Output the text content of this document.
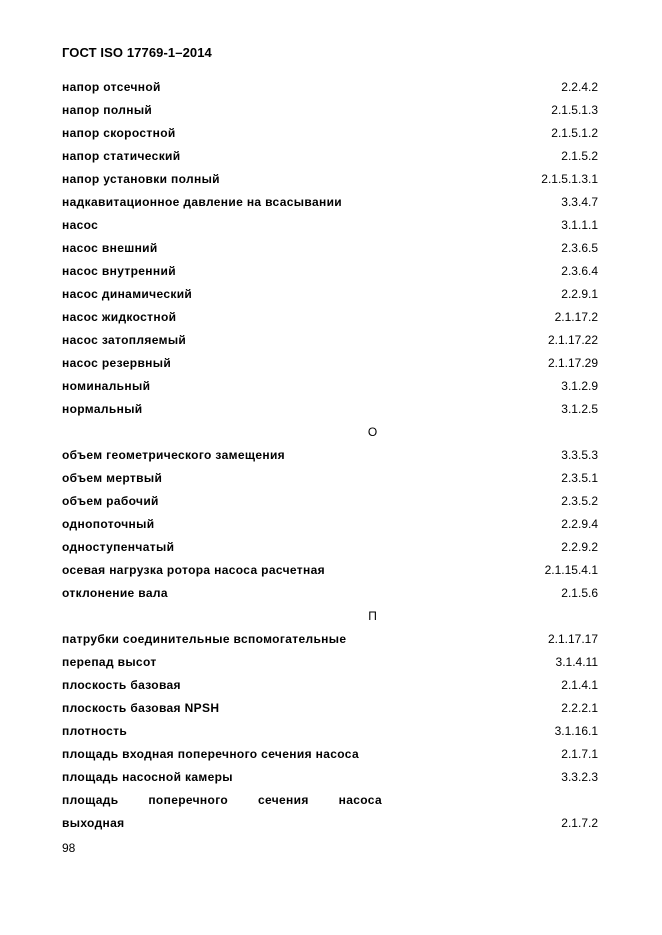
ГОСТ ISO 17769-1–2014
напор отсечной	2.2.4.2
напор полный	2.1.5.1.3
напор скоростной	2.1.5.1.2
напор статический	2.1.5.2
напор установки полный	2.1.5.1.3.1
надкавитационное давление на всасывании	3.3.4.7
насос	3.1.1.1
насос внешний	2.3.6.5
насос внутренний	2.3.6.4
насос динамический	2.2.9.1
насос жидкостной	2.1.17.2
насос затопляемый	2.1.17.22
насос резервный	2.1.17.29
номинальный	3.1.2.9
нормальный	3.1.2.5
О
объем геометрического замещения	3.3.5.3
объем мертвый	2.3.5.1
объем рабочий	2.3.5.2
однопоточный	2.2.9.4
одноступенчатый	2.2.9.2
осевая нагрузка ротора насоса расчетная	2.1.15.4.1
отклонение вала	2.1.5.6
П
патрубки соединительные вспомогательные	2.1.17.17
перепад высот	3.1.4.11
плоскость базовая	2.1.4.1
плоскость базовая NPSH	2.2.2.1
плотность	3.1.16.1
площадь входная поперечного сечения насоса	2.1.7.1
площадь насосной камеры	3.3.2.3
площадь поперечного сечения насоса
выходная	2.1.7.2
98
